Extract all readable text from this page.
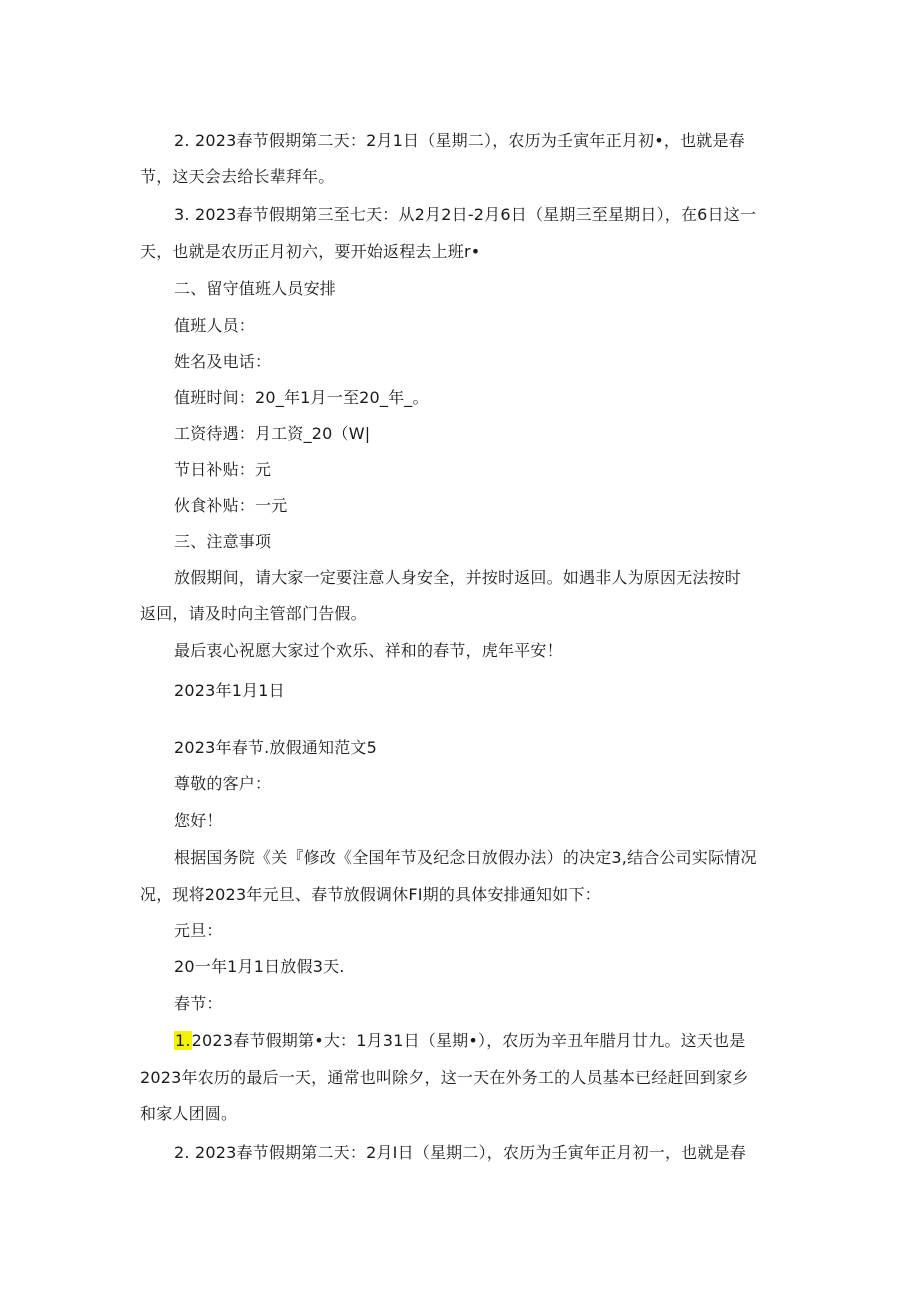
2. 2023春节假期第二天：2月1日（星期二），农历为壬寅年正月初•，也就是春
节，这天会去给长辈拜年。
3. 2023春节假期第三至七天：从2月2日-2月6日（星期三至星期日），在6日这一
天，也就是农历正月初六，要开始返程去上班r•
二、留守值班人员安排
值班人员：
姓名及电话：
值班时间：20_年1月一至20_年_。
工资待遇：月工资_20（W|
节日补贴：元
伙食补贴：一元
三、注意事项
放假期间，请大家一定要注意人身安全，并按时返回。如遇非人为原因无法按时
返回，请及时向主管部门告假。
最后衷心祝愿大家过个欢乐、祥和的春节，虎年平安！
2023年1月1日
2023年春节.放假通知范文5
尊敬的客户：
您好！
根据国务院《关『修改《全国年节及纪念日放假办法）的决定3,结合公司实际情况
况，现将2023年元旦、春节放假调休FI期的具体安排通知如下：
元旦：
20一年1月1日放假3天.
春节：
1.2023春节假期第•大：1月31日（星期•），农历为辛丑年腊月廿九。这天也是
2023年农历的最后一天，通常也叫除夕，这一天在外务工的人员基本已经赶回到家乡
和家人团圆。
2. 2023春节假期第二天：2月I日（星期二），农历为壬寅年正月初一，也就是春
